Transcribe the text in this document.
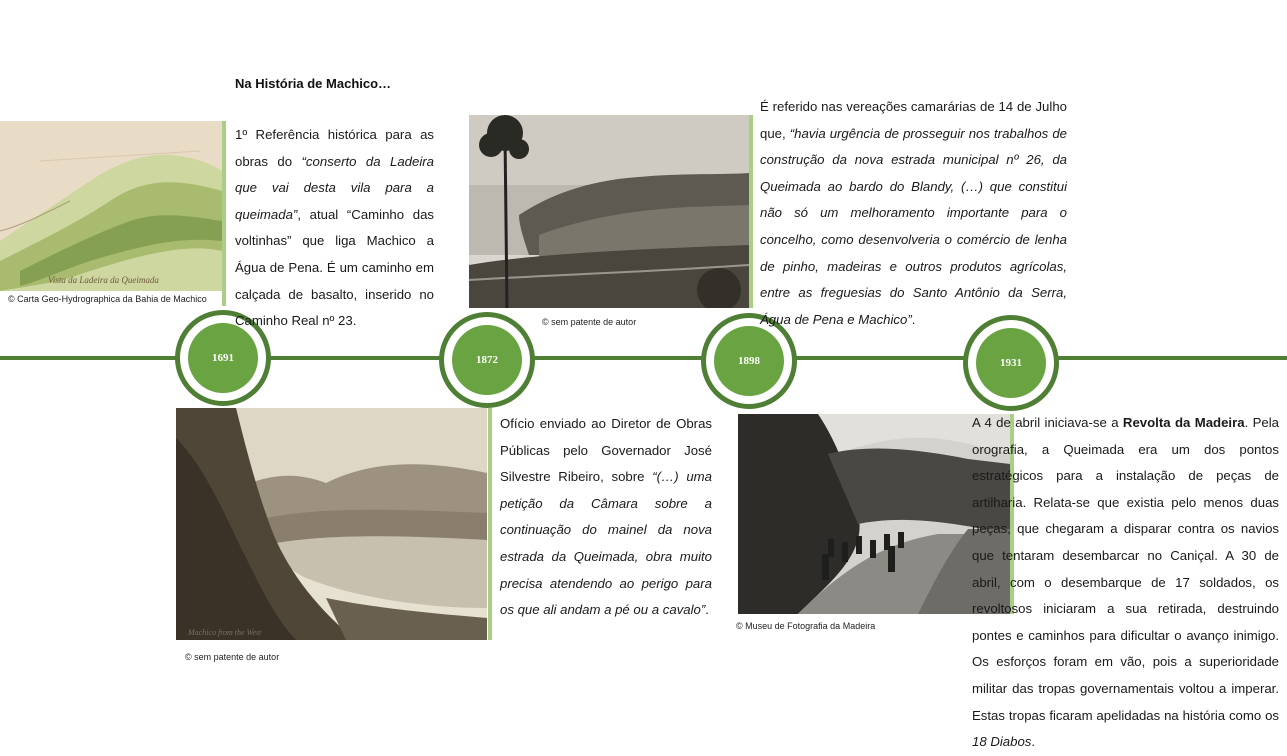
Na História de Machico…
1691	1872	1898	1931
Vista da Ladeira da Queimada
© Carta Geo-Hydrographica da Bahia de Machico
1º Referência histórica para as obras do “conserto da Ladeira que vai desta vila para a queimada”, atual “Caminho das voltinhas” que liga Machico a Água de Pena. É um caminho em calçada de basalto, inserido no Caminho Real nº 23.
Machico from the West
© sem patente de autor
Ofício enviado ao Diretor de Obras Públicas pelo Governador José Silvestre Ribeiro, sobre “(…) uma petição da Câmara sobre a continuação do mainel da nova estrada da Queimada, obra muito precisa atendendo ao perigo para os que ali andam a pé ou a cavalo”.
© sem patente de autor
É referido nas vereações camarárias de 14 de Julho que, “havia urgência de prosseguir nos trabalhos de construção da nova estrada municipal nº 26, da Queimada ao bardo do Blandy, (…) que constitui não só um melhoramento importante para o concelho, como desenvolveria o comércio de lenha de pinho, madeiras e outros produtos agrícolas, entre as freguesias do Santo Antônio da Serra, Água de Pena e Machico”.
© Museu de Fotografia da Madeira
A 4 de abril iniciava-se a Revolta da Madeira. Pela orografia, a Queimada era um dos pontos estratégicos para a instalação de peças de artilharia. Relata-se que existia pelo menos duas peças, que chegaram a disparar contra os navios que tentaram desembarcar no Caniçal. A 30 de abril, com o desembarque de 17 soldados, os revoltosos iniciaram a sua retirada, destruindo pontes e caminhos para dificultar o avanço inimigo. Os esforços foram em vão, pois a superioridade militar das tropas governamentais voltou a imperar. Estas tropas ficaram apelidadas na história como os 18 Diabos.
